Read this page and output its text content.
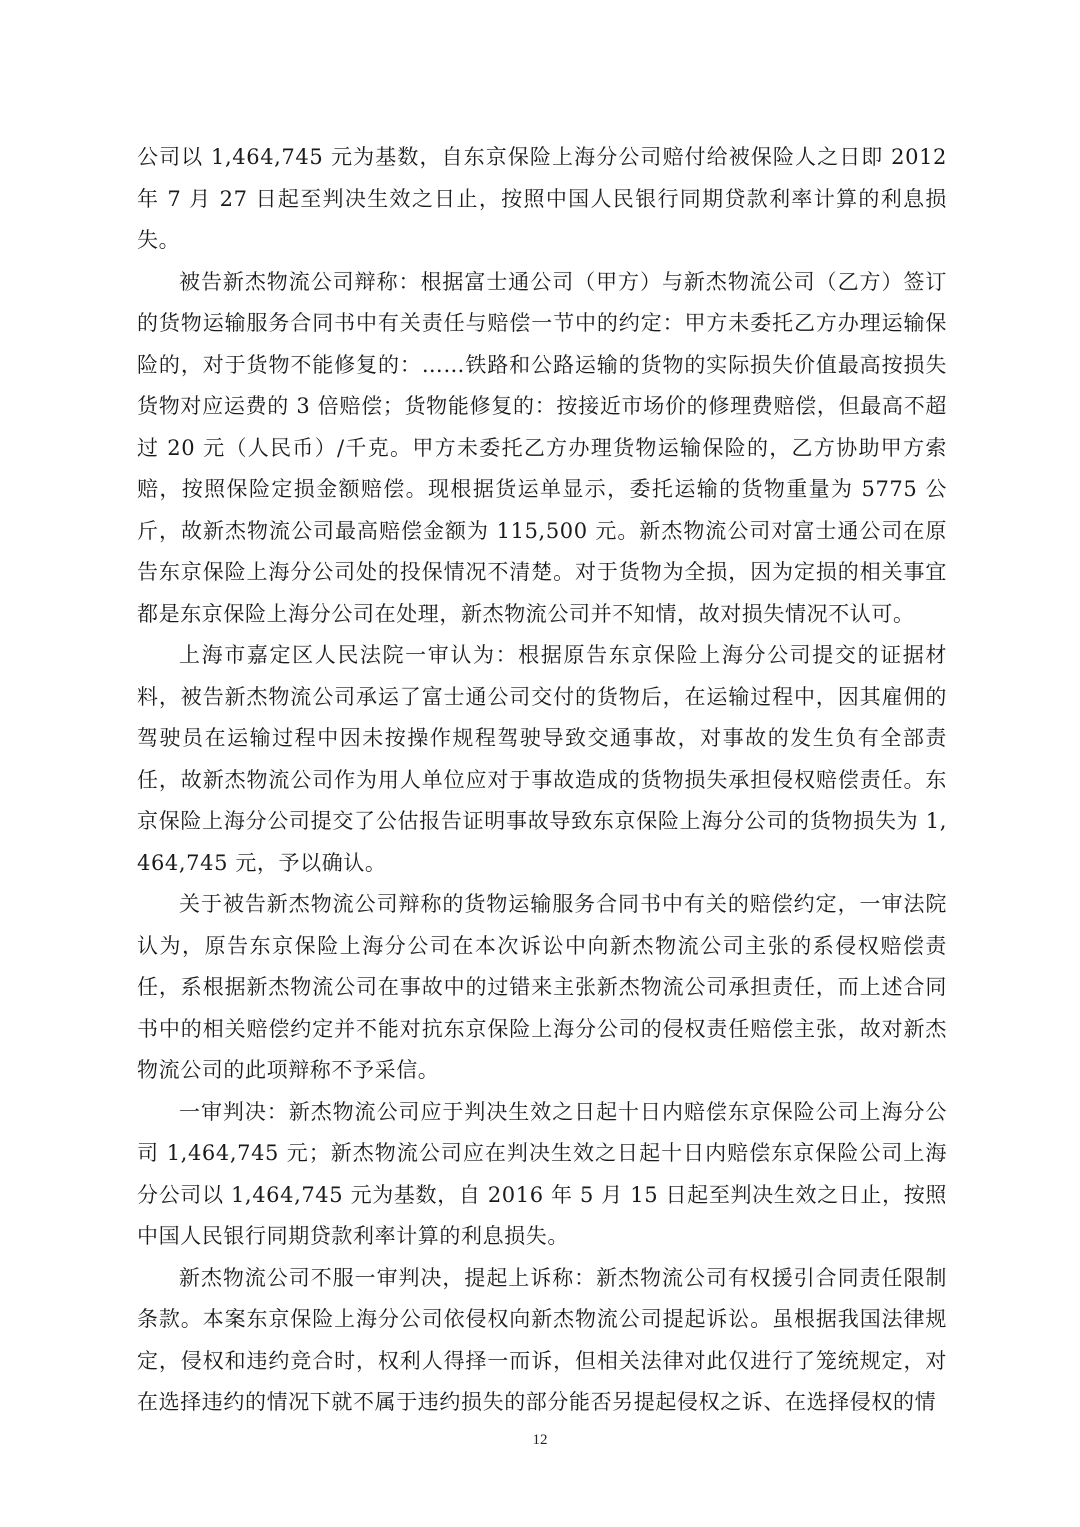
公司以 1,464,745 元为基数，自东京保险上海分公司赔付给被保险人之日即 2012 年 7 月 27 日起至判决生效之日止，按照中国人民银行同期贷款利率计算的利息损失。

被告新杰物流公司辩称：根据富士通公司（甲方）与新杰物流公司（乙方）签订的货物运输服务合同书中有关责任与赔偿一节中的约定：甲方未委托乙方办理运输保险的，对于货物不能修复的：……铁路和公路运输的货物的实际损失价值最高按损失货物对应运费的 3 倍赔偿；货物能修复的：按接近市场价的修理费赔偿，但最高不超过 20 元（人民币）/千克。甲方未委托乙方办理货物运输保险的，乙方协助甲方索赔，按照保险定损金额赔偿。现根据货运单显示，委托运输的货物重量为 5775 公斤，故新杰物流公司最高赔偿金额为 115,500 元。新杰物流公司对富士通公司在原告东京保险上海分公司处的投保情况不清楚。对于货物为全损，因为定损的相关事宜都是东京保险上海分公司在处理，新杰物流公司并不知情，故对损失情况不认可。

上海市嘉定区人民法院一审认为：根据原告东京保险上海分公司提交的证据材料，被告新杰物流公司承运了富士通公司交付的货物后，在运输过程中，因其雇佣的驾驶员在运输过程中因未按操作规程驾驶导致交通事故，对事故的发生负有全部责任，故新杰物流公司作为用人单位应对于事故造成的货物损失承担侵权赔偿责任。东京保险上海分公司提交了公估报告证明事故导致东京保险上海分公司的货物损失为 1,464,745 元，予以确认。

关于被告新杰物流公司辩称的货物运输服务合同书中有关的赔偿约定，一审法院认为，原告东京保险上海分公司在本次诉讼中向新杰物流公司主张的系侵权赔偿责任，系根据新杰物流公司在事故中的过错来主张新杰物流公司承担责任，而上述合同书中的相关赔偿约定并不能对抗东京保险上海分公司的侵权责任赔偿主张，故对新杰物流公司的此项辩称不予采信。

一审判决：新杰物流公司应于判决生效之日起十日内赔偿东京保险公司上海分公司 1,464,745 元；新杰物流公司应在判决生效之日起十日内赔偿东京保险公司上海分公司以 1,464,745 元为基数，自 2016 年 5 月 15 日起至判决生效之日止，按照中国人民银行同期贷款利率计算的利息损失。

新杰物流公司不服一审判决，提起上诉称：新杰物流公司有权援引合同责任限制条款。本案东京保险上海分公司依侵权向新杰物流公司提起诉讼。虽根据我国法律规定，侵权和违约竞合时，权利人得择一而诉，但相关法律对此仅进行了笼统规定，对在选择违约的情况下就不属于违约损失的部分能否另提起侵权之诉、在选择侵权的情

12
